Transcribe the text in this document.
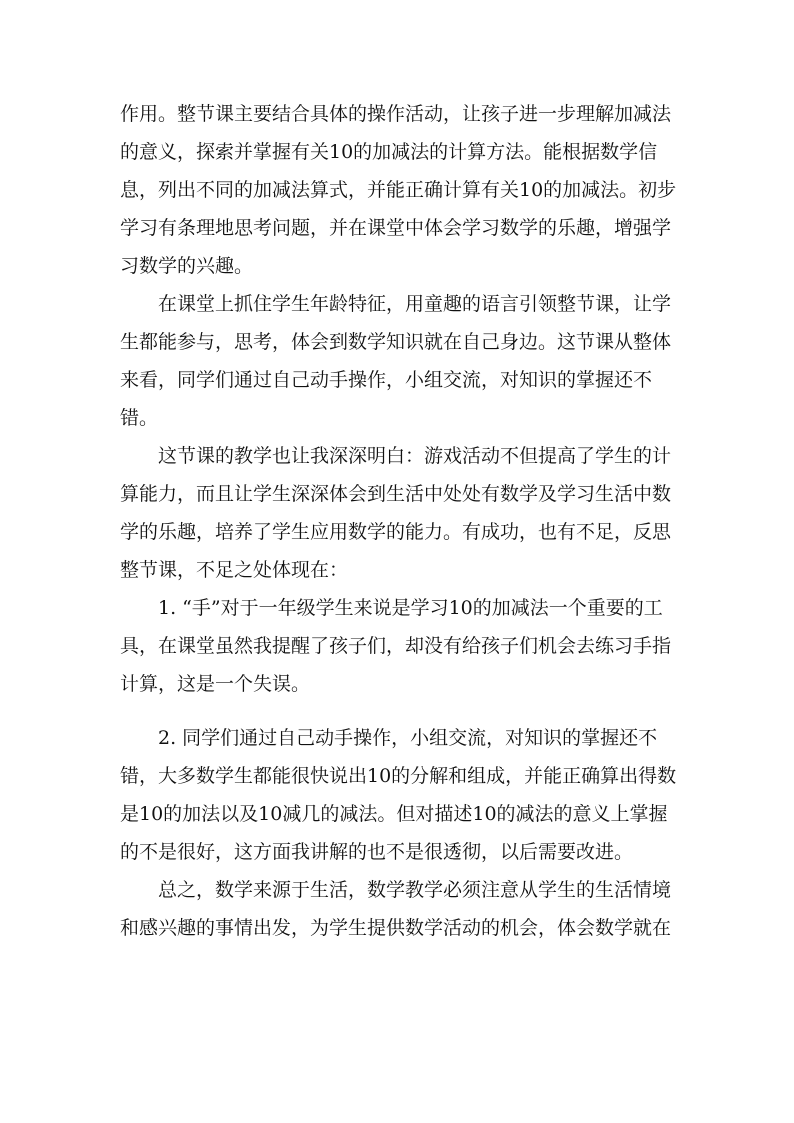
作用。整节课主要结合具体的操作活动，让孩子进一步理解加减法
的意义，探索并掌握有关10的加减法的计算方法。能根据数学信
息，列出不同的加减法算式，并能正确计算有关10的加减法。初步
学习有条理地思考问题，并在课堂中体会学习数学的乐趣，增强学
习数学的兴趣。
在课堂上抓住学生年龄特征，用童趣的语言引领整节课，让学
生都能参与，思考，体会到数学知识就在自己身边。这节课从整体
来看，同学们通过自己动手操作，小组交流，对知识的掌握还不
错。
这节课的教学也让我深深明白：游戏活动不但提高了学生的计
算能力，而且让学生深深体会到生活中处处有数学及学习生活中数
学的乐趣，培养了学生应用数学的能力。有成功，也有不足，反思
整节课，不足之处体现在：
1. “手”对于一年级学生来说是学习10的加减法一个重要的工
具，在课堂虽然我提醒了孩子们，却没有给孩子们机会去练习手指
计算，这是一个失误。
2. 同学们通过自己动手操作，小组交流，对知识的掌握还不
错，大多数学生都能很快说出10的分解和组成，并能正确算出得数
是10的加法以及10减几的减法。但对描述10的减法的意义上掌握
的不是很好，这方面我讲解的也不是很透彻，以后需要改进。
总之，数学来源于生活，数学教学必须注意从学生的生活情境
和感兴趣的事情出发，为学生提供数学活动的机会，体会数学就在
